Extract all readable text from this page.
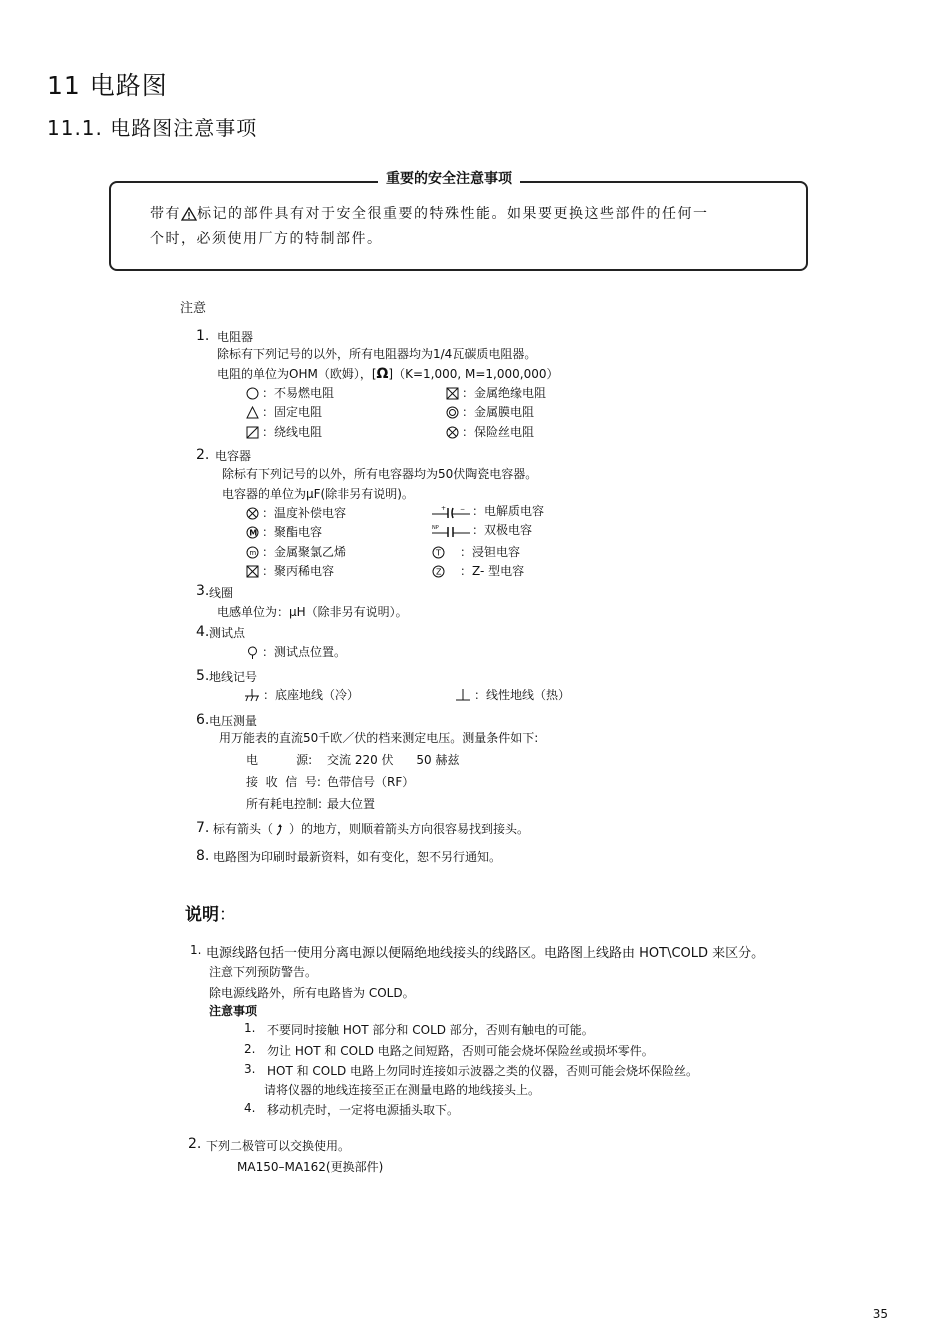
11 电路图
11.1. 电路图注意事项
重要的安全注意事项
带有 标记的部件具有对于安全很重要的特殊性能。如果要更换这些部件的任何一
个时，必须使用厂方的特制部件。
注意
1. 电阻器
除标有下列记号的以外，所有电阻器均为1/4瓦碳质电阻器。
电阻的单位为OHM（欧姆），[Ω]（K=1,000, M=1,000,000）
：不易燃电阻	：金属绝缘电阻
：固定电阻	：金属膜电阻
：绕线电阻	：保险丝电阻
2. 电容器
除标有下列记号的以外，所有电容器均为50伏陶瓷电容器。
电容器的单位为μF(除非另有说明)。
：温度补偿电容	+ − ：电解质电容
M ：聚酯电容	NP	：双极电容
m ：金属聚氯乙烯	T ：浸钽电容
：聚丙稀电容	Z ：Z- 型电容
3. 线圈
电感单位为：μH（除非另有说明）。
4. 测试点
：测试点位置。
5. 地线记号
：底座地线（冷）	：线性地线（热）
6. 电压测量
用万能表的直流50千欧／伏的档来测定电压。测量条件如下:
电          源: 交流 220 伏      50 赫兹
接  收  信  号: 色带信号（RF）
所有耗电控制: 最大位置
7. 标有箭头（ ）的地方，则顺着箭头方向很容易找到接头。
8. 电路图为印刷时最新资料，如有变化，恕不另行通知。
说明：
1. 电源线路包括一使用分离电源以便隔绝地线接头的线路区。电路图上线路由 HOT\COLD 来区分。
注意下列预防警告。
除电源线路外，所有电路皆为 COLD。
注意事项
1. 不要同时接触 HOT 部分和 COLD 部分，否则有触电的可能。
2. 勿让 HOT 和 COLD 电路之间短路，否则可能会烧坏保险丝或损坏零件。
3. HOT 和 COLD 电路上勿同时连接如示波器之类的仪器，否则可能会烧坏保险丝。
请将仪器的地线连接至正在测量电路的地线接头上。
4. 移动机壳时，一定将电源插头取下。
2. 下列二极管可以交换使用。
MA150–MA162(更换部件)
35
